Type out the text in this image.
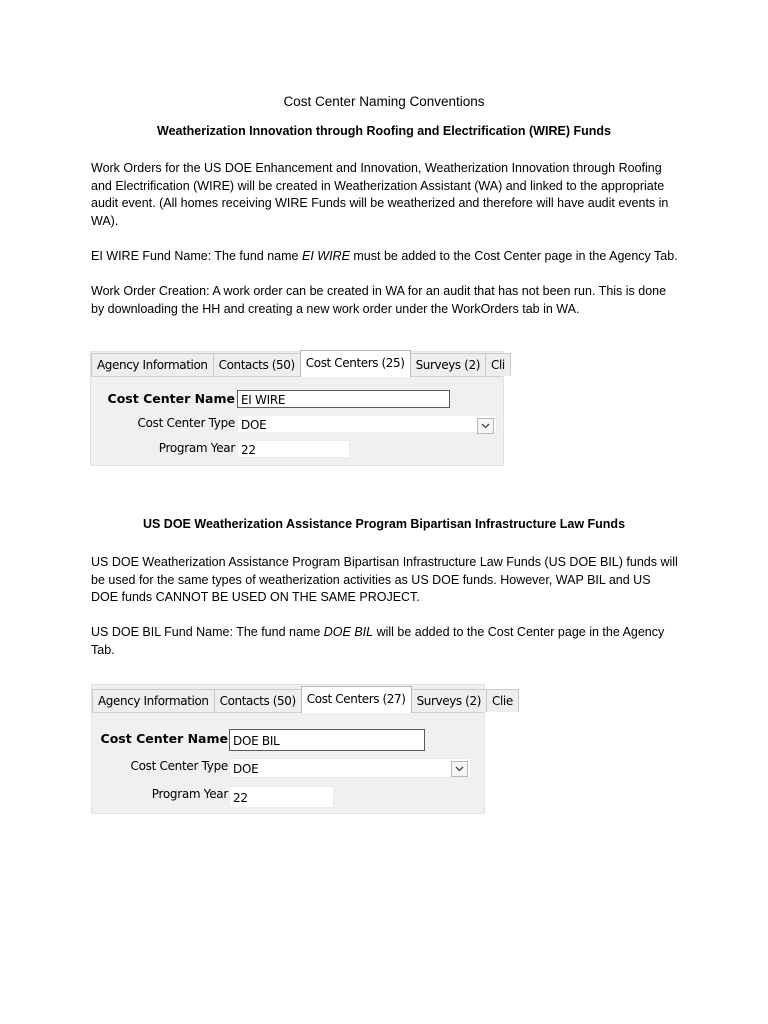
Cost Center Naming Conventions
Weatherization Innovation through Roofing and Electrification (WIRE) Funds

Work Orders for the US DOE Enhancement and Innovation, Weatherization Innovation through Roofing and Electrification (WIRE) will be created in Weatherization Assistant (WA) and linked to the appropriate audit event. (All homes receiving WIRE Funds will be weatherized and therefore will have audit events in WA).

EI WIRE Fund Name: The fund name EI WIRE must be added to the Cost Center page in the Agency Tab.

Work Order Creation: A work order can be created in WA for an audit that has not been run. This is done by downloading the HH and creating a new work order under the WorkOrders tab in WA.

Agency Information Contacts (50) Cost Centers (25) Surveys (2) Cli
Cost Center Name EI WIRE
Cost Center Type DOE
Program Year 22
US DOE Weatherization Assistance Program Bipartisan Infrastructure Law Funds

US DOE Weatherization Assistance Program Bipartisan Infrastructure Law Funds (US DOE BIL) funds will be used for the same types of weatherization activities as US DOE funds. However, WAP BIL and US DOE funds CANNOT BE USED ON THE SAME PROJECT.

US DOE BIL Fund Name: The fund name DOE BIL will be added to the Cost Center page in the Agency Tab.

Agency Information Contacts (50) Cost Centers (27) Surveys (2) Clie
Cost Center Name DOE BIL
Cost Center Type DOE
Program Year 22
